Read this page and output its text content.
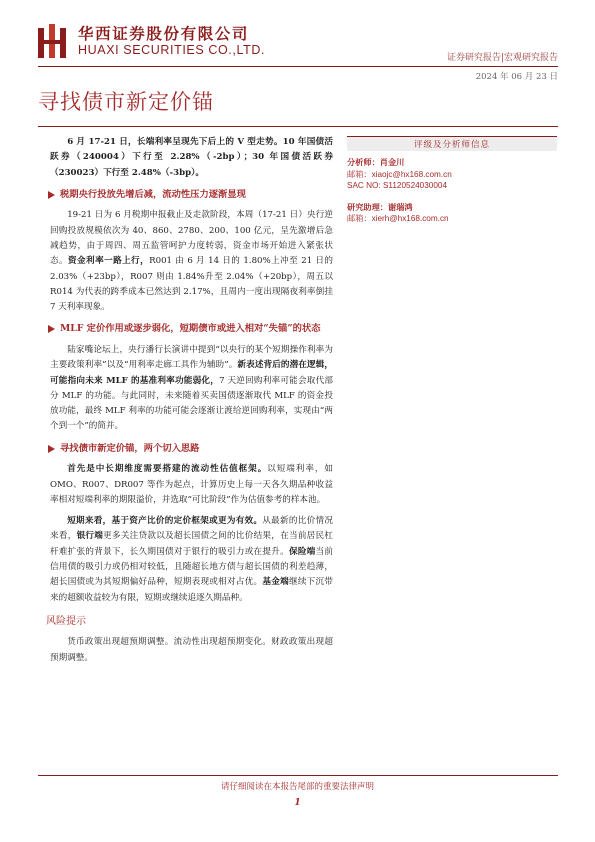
华西证券股份有限公司
HUAXI SECURITIES CO.,LTD.
证券研究报告|宏观研究报告
2024 年 06 月 23 日
寻找债市新定价锚

6 月 17-21 日，长端利率呈现先下后上的 V 型走势。10 年国债活跃券（240004）下行至 2.28%（-2bp）；30 年国债活跃券（230023）下行至 2.48%（-3bp）。

税期央行投放先增后减，流动性压力逐渐显现

19-21 日为 6 月税期申报截止及走款阶段，本周（17-21 日）央行逆回购投放规模依次为 40、860、2780、200、100 亿元，呈先激增后急减趋势，由于周四、周五监管呵护力度转弱，资金市场开始进入紧张状态。资金利率一路上行，R001 由 6 月 14 日的 1.80%上冲至 21 日的 2.03%（+23bp），R007 则由 1.84%升至 2.04%（+20bp），周五以 R014 为代表的跨季成本已然达到 2.17%，且周内一度出现隔夜利率倒挂 7 天利率现象。

MLF 定价作用或逐步弱化，短期债市或进入相对“失锚”的状态

陆家嘴论坛上，央行潘行长演讲中提到“以央行的某个短期操作利率为主要政策利率”以及“用利率走廊工具作为辅助”。新表述背后的潜在逻辑，可能指向未来 MLF 的基准利率功能弱化，7 天逆回购利率可能会取代部分 MLF 的功能。与此同时，未来随着买卖国债逐渐取代 MLF 的资金投放功能，最终 MLF 利率的功能可能会逐渐让渡给逆回购利率，实现由“两个到一个”的简并。

寻找债市新定价锚，两个切入思路

首先是中长期维度需要搭建的流动性估值框架。以短端利率，如 OMO、R007、DR007 等作为起点，计算历史上每一天各久期品种收益率相对短端利率的期限溢价，并选取“可比阶段”作为估值参考的样本池。

短期来看，基于资产比价的定价框架或更为有效。从最新的比价情况来看，银行端更多关注贷款以及超长国债之间的比价结果，在当前居民杠杆难扩张的背景下，长久期国债对于银行的吸引力或在提升。保险端当前信用债的吸引力或仍相对较低，且随超长地方债与超长国债的利差趋薄，超长国债或为其短期偏好品种，短期表现或相对占优。基金端继续下沉带来的超额收益较为有限，短期或继续追逐久期品种。

风险提示

货币政策出现超预期调整。流动性出现超预期变化。财政政策出现超预期调整。

评级及分析师信息
分析师：肖金川
邮箱：xiaojc@hx168.com.cn
SAC NO: S1120524030004
研究助理：谢瑞鸿
邮箱：xierh@hx168.com.cn
请仔细阅读在本报告尾部的重要法律声明
1
